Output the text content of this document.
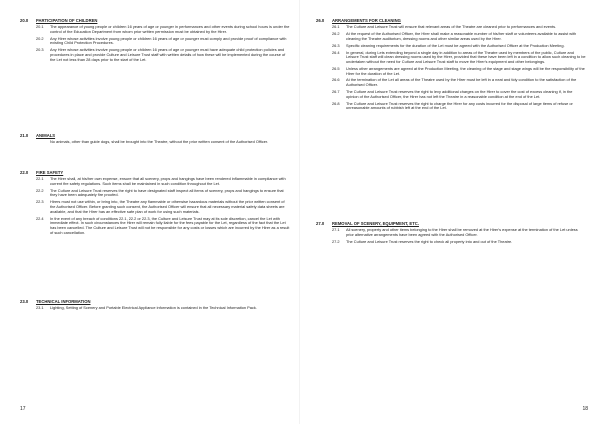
20.0	PARTICIPATION OF CHILDREN
20.1	The appearance of young people or children 16 years of age or younger in performances and other events during school hours is under the control of the Education Department from whom prior written permission must be obtained by the Hirer.
20.2	Any Hirer whose activities involve young people or children 16 years of age or younger must comply and provide proof of compliance with existing Child Protection Procedures.
20.3	Any Hirer whose activities involve young people or children 16 years of age or younger must have adequate child protection policies and procedures in place and provide Culture and Leisure Trust staff with written details of how these will be implemented during the course of the Let not less than 28 days prior to the start of the Let.
21.0	ANIMALS
No animals, other than guide dogs, shall be brought into the Theatre, without the prior written consent of the Authorised Officer.
22.0	FIRE SAFETY
22.1	The Hirer shall, at his/her own expense, ensure that all scenery, props and hangings have been rendered inflammable in compliance with current fire safety regulations. Such items shall be maintained in such condition throughout the Let.
22.2	The Culture and Leisure Trust reserves the right to have designated staff inspect all items of scenery, props and hangings to ensure that they have been adequately fire proofed.
22.3	Hirers must not use within, or bring into, the Theatre any flammable or otherwise hazardous materials without the prior written consent of the Authorised Officer. Before granting such consent, the Authorised Officer will ensure that all necessary material safety data sheets are available, and that the Hirer has an effective safe plan of work for using such materials.
22.4	In the event of any breach of conditions 22.1, 22.2 or 22.3, the Culture and Leisure Trust may at its sole discretion, cancel the Let with immediate effect. In such circumstances the Hirer will remain fully liable for the fees payable for the Let, regardless of the fact that the Let has been cancelled. The Culture and Leisure Trust will not be responsible for any costs or losses which are incurred by the Hirer as a result of such cancellation.
23.0	TECHNICAL INFORMATION
23.1	Lighting, Setting of Scenery and Portable Electrical Appliance information is contained in the Technical Information Pack.
17
26.0	ARRANGEMENTS FOR CLEANING
26.1	The Culture and Leisure Trust will ensure that relevant areas of the Theatre are cleaned prior to performances and events.
26.2	At the request of the Authorised Officer, the Hirer shall make a reasonable number of his/her staff or volunteers available to assist with cleaning the Theatre auditorium, dressing rooms and other similar areas used by the Hirer.
26.3	Specific cleaning requirements for the duration of the Let must be agreed with the Authorised Officer at the Production Meeting.
26.4	In general, during Lets extending beyond a single day in addition to areas of the Theatre used by members of the public, Culture and Leisure Trust staff will clean dressing rooms used by the Hirer, provided that these have been left in a condition to allow such cleaning to be undertaken without the need for Culture and Leisure Trust staff to move the Hirer's equipment and other belongings.
26.5	Unless other arrangements are agreed at the Production Meeting, the cleaning of the stage and stage wings will be the responsibility of the Hirer for the duration of the Let.
26.6	At the termination of the Let all areas of the Theatre used by the Hirer must be left in a neat and tidy condition to the satisfaction of the Authorised Officer.
26.7	The Culture and Leisure Trust reserves the right to levy additional charges on the Hirer to cover the cost of excess cleaning if, in the opinion of the Authorised Officer, the Hirer has not left the Theatre in a reasonable condition at the end of the Let.
26.8	The Culture and Leisure Trust reserves the right to charge the Hirer for any costs incurred for the disposal of large items of refuse or unreasonable amounts of rubbish left at the end of the Let.
27.0	REMOVAL OF SCENERY, EQUIPMENT, ETC.
27.1	All scenery, property and other items belonging to the Hirer shall be removed at the Hirer's expense at the termination of the Let unless prior alternative arrangements have been agreed with the Authorised Officer.
27.2	The Culture and Leisure Trust reserves the right to check all property into and out of the Theatre.
18
